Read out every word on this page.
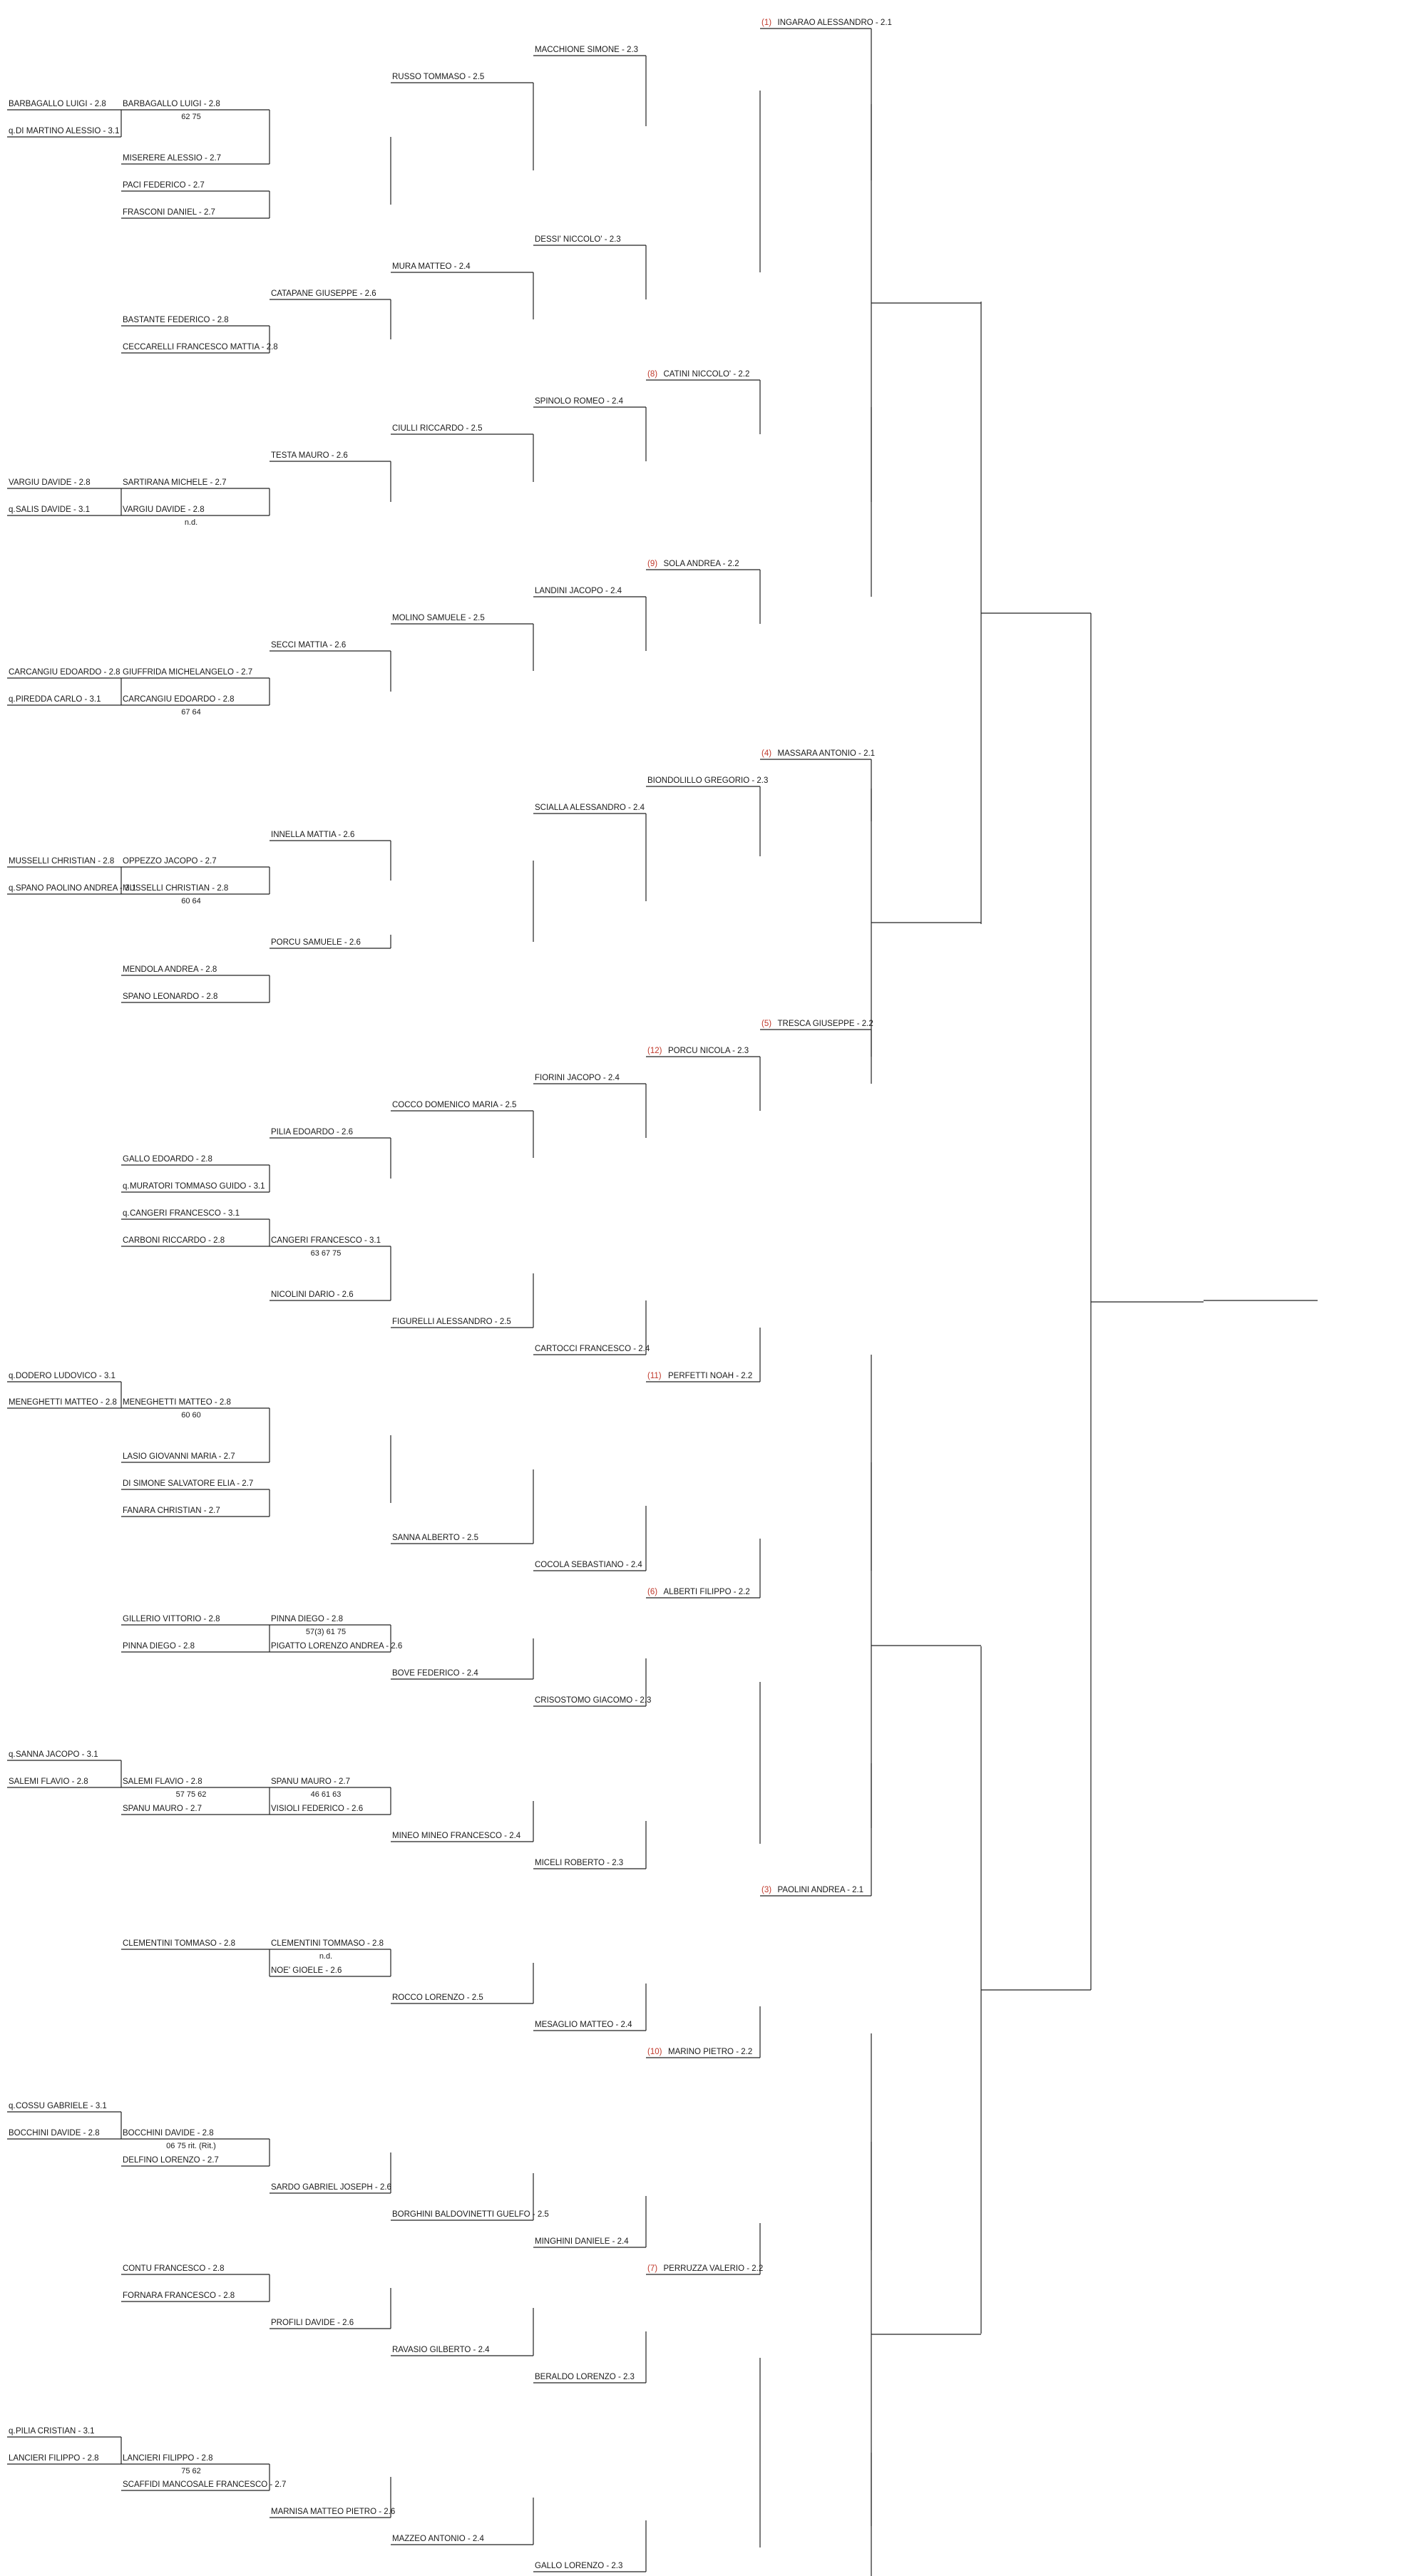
BARBAGALLO LUIGI - 2.8
q. DI MARTINO ALESSIO - 3.1
VARGIU DAVIDE - 2.8
q. SALIS DAVIDE - 3.1
CARCANGIU EDOARDO - 2.8
q. PIREDDA CARLO - 3.1
MUSSELLI CHRISTIAN - 2.8
q. SPANO PAOLINO ANDREA - 3.1
q. DODERO LUDOVICO - 3.1
MENEGHETTI MATTEO - 2.8
q. SANNA JACOPO - 3.1
SALEMI FLAVIO - 2.8
q. COSSU GABRIELE - 3.1
BOCCHINI DAVIDE - 2.8
q. PILIA CRISTIAN - 3.1
LANCIERI FILIPPO - 2.8
BARBAGALLO LUIGI - 2.8
62 75
MISERERE ALESSIO - 2.7
PACI FEDERICO - 2.7
FRASCONI DANIEL - 2.7
BASTANTE FEDERICO - 2.8
CECCARELLI FRANCESCO MATTIA - 2.8
SARTIRANA MICHELE - 2.7
VARGIU DAVIDE - 2.8
n.d.
GIUFFRIDA MICHELANGELO - 2.7
CARCANGIU EDOARDO - 2.8
67 64
OPPEZZO JACOPO - 2.7
MUSSELLI CHRISTIAN - 2.8
60 64
MENDOLA ANDREA - 2.8
SPANO LEONARDO - 2.8
GALLO EDOARDO - 2.8
q. MURATORI TOMMASO GUIDO - 3.1
q. CANGERI FRANCESCO - 3.1
CARBONI RICCARDO - 2.8
MENEGHETTI MATTEO - 2.8
60 60
LASIO GIOVANNI MARIA - 2.7
DI SIMONE SALVATORE ELIA - 2.7
FANARA CHRISTIAN - 2.7
GILLERIO VITTORIO - 2.8
PINNA DIEGO - 2.8
SALEMI FLAVIO - 2.8
57 75 62
SPANU MAURO - 2.7
CLEMENTINI TOMMASO - 2.8
BOCCHINI DAVIDE - 2.8
06 75 rit. (Rit.)
DELFINO LORENZO - 2.7
CONTU FRANCESCO - 2.8
FORNARA FRANCESCO - 2.8
LANCIERI FILIPPO - 2.8
75 62
SCAFFIDI MANCOSALE FRANCESCO - 2.7
CATAPANE GIUSEPPE - 2.6
TESTA MAURO - 2.6
SECCI MATTIA - 2.6
INNELLA MATTIA - 2.6
PORCU SAMUELE - 2.6
PILIA EDOARDO - 2.6
CANGERI FRANCESCO - 3.1
63 67 75
NICOLINI DARIO - 2.6
PINNA DIEGO - 2.8
57(3) 61 75
PIGATTO LORENZO ANDREA - 2.6
SPANU MAURO - 2.7
46 61 63
VISIOLI FEDERICO - 2.6
CLEMENTINI TOMMASO - 2.8
n.d.
NOE' GIOELE - 2.6
SARDO GABRIEL JOSEPH - 2.6
PROFILI DAVIDE - 2.6
MARNISA MATTEO PIETRO - 2.6
RUSSO TOMMASO - 2.5
MURA MATTEO - 2.4
CIULLI RICCARDO - 2.5
MOLINO SAMUELE - 2.5
COCCO DOMENICO MARIA - 2.5
FIGURELLI ALESSANDRO - 2.5
SANNA ALBERTO - 2.5
BOVE FEDERICO - 2.4
MINEO MINEO FRANCESCO - 2.4
ROCCO LORENZO - 2.5
BORGHINI BALDOVINETTI GUELFO - 2.5
RAVASIO GILBERTO - 2.4
MAZZEO ANTONIO - 2.4
MACCHIONE SIMONE - 2.3
DESSI' NICCOLO' - 2.3
SPINOLO ROMEO - 2.4
LANDINI JACOPO - 2.4
SCIALLA ALESSANDRO - 2.4
FIORINI JACOPO - 2.4
CARTOCCI FRANCESCO - 2.4
COCOLA SEBASTIANO - 2.4
CRISOSTOMO GIACOMO - 2.3
MICELI ROBERTO - 2.3
MESAGLIO MATTEO - 2.4
MINGHINI DANIELE - 2.4
BERALDO LORENZO - 2.3
GALLO LORENZO - 2.3
(8) CATINI NICCOLO' - 2.2
(9) SOLA ANDREA - 2.2
BIONDOLILLO GREGORIO - 2.3
(12) PORCU NICOLA - 2.3
(11) PERFETTI NOAH - 2.2
(6) ALBERTI FILIPPO - 2.2
(10) MARINO PIETRO - 2.2
(7) PERRUZZA VALERIO - 2.2
(1) INGARAO ALESSANDRO - 2.1
(4) MASSARA ANTONIO - 2.1
(5) TRESCA GIUSEPPE - 2.2
(3) PAOLINI ANDREA - 2.1
